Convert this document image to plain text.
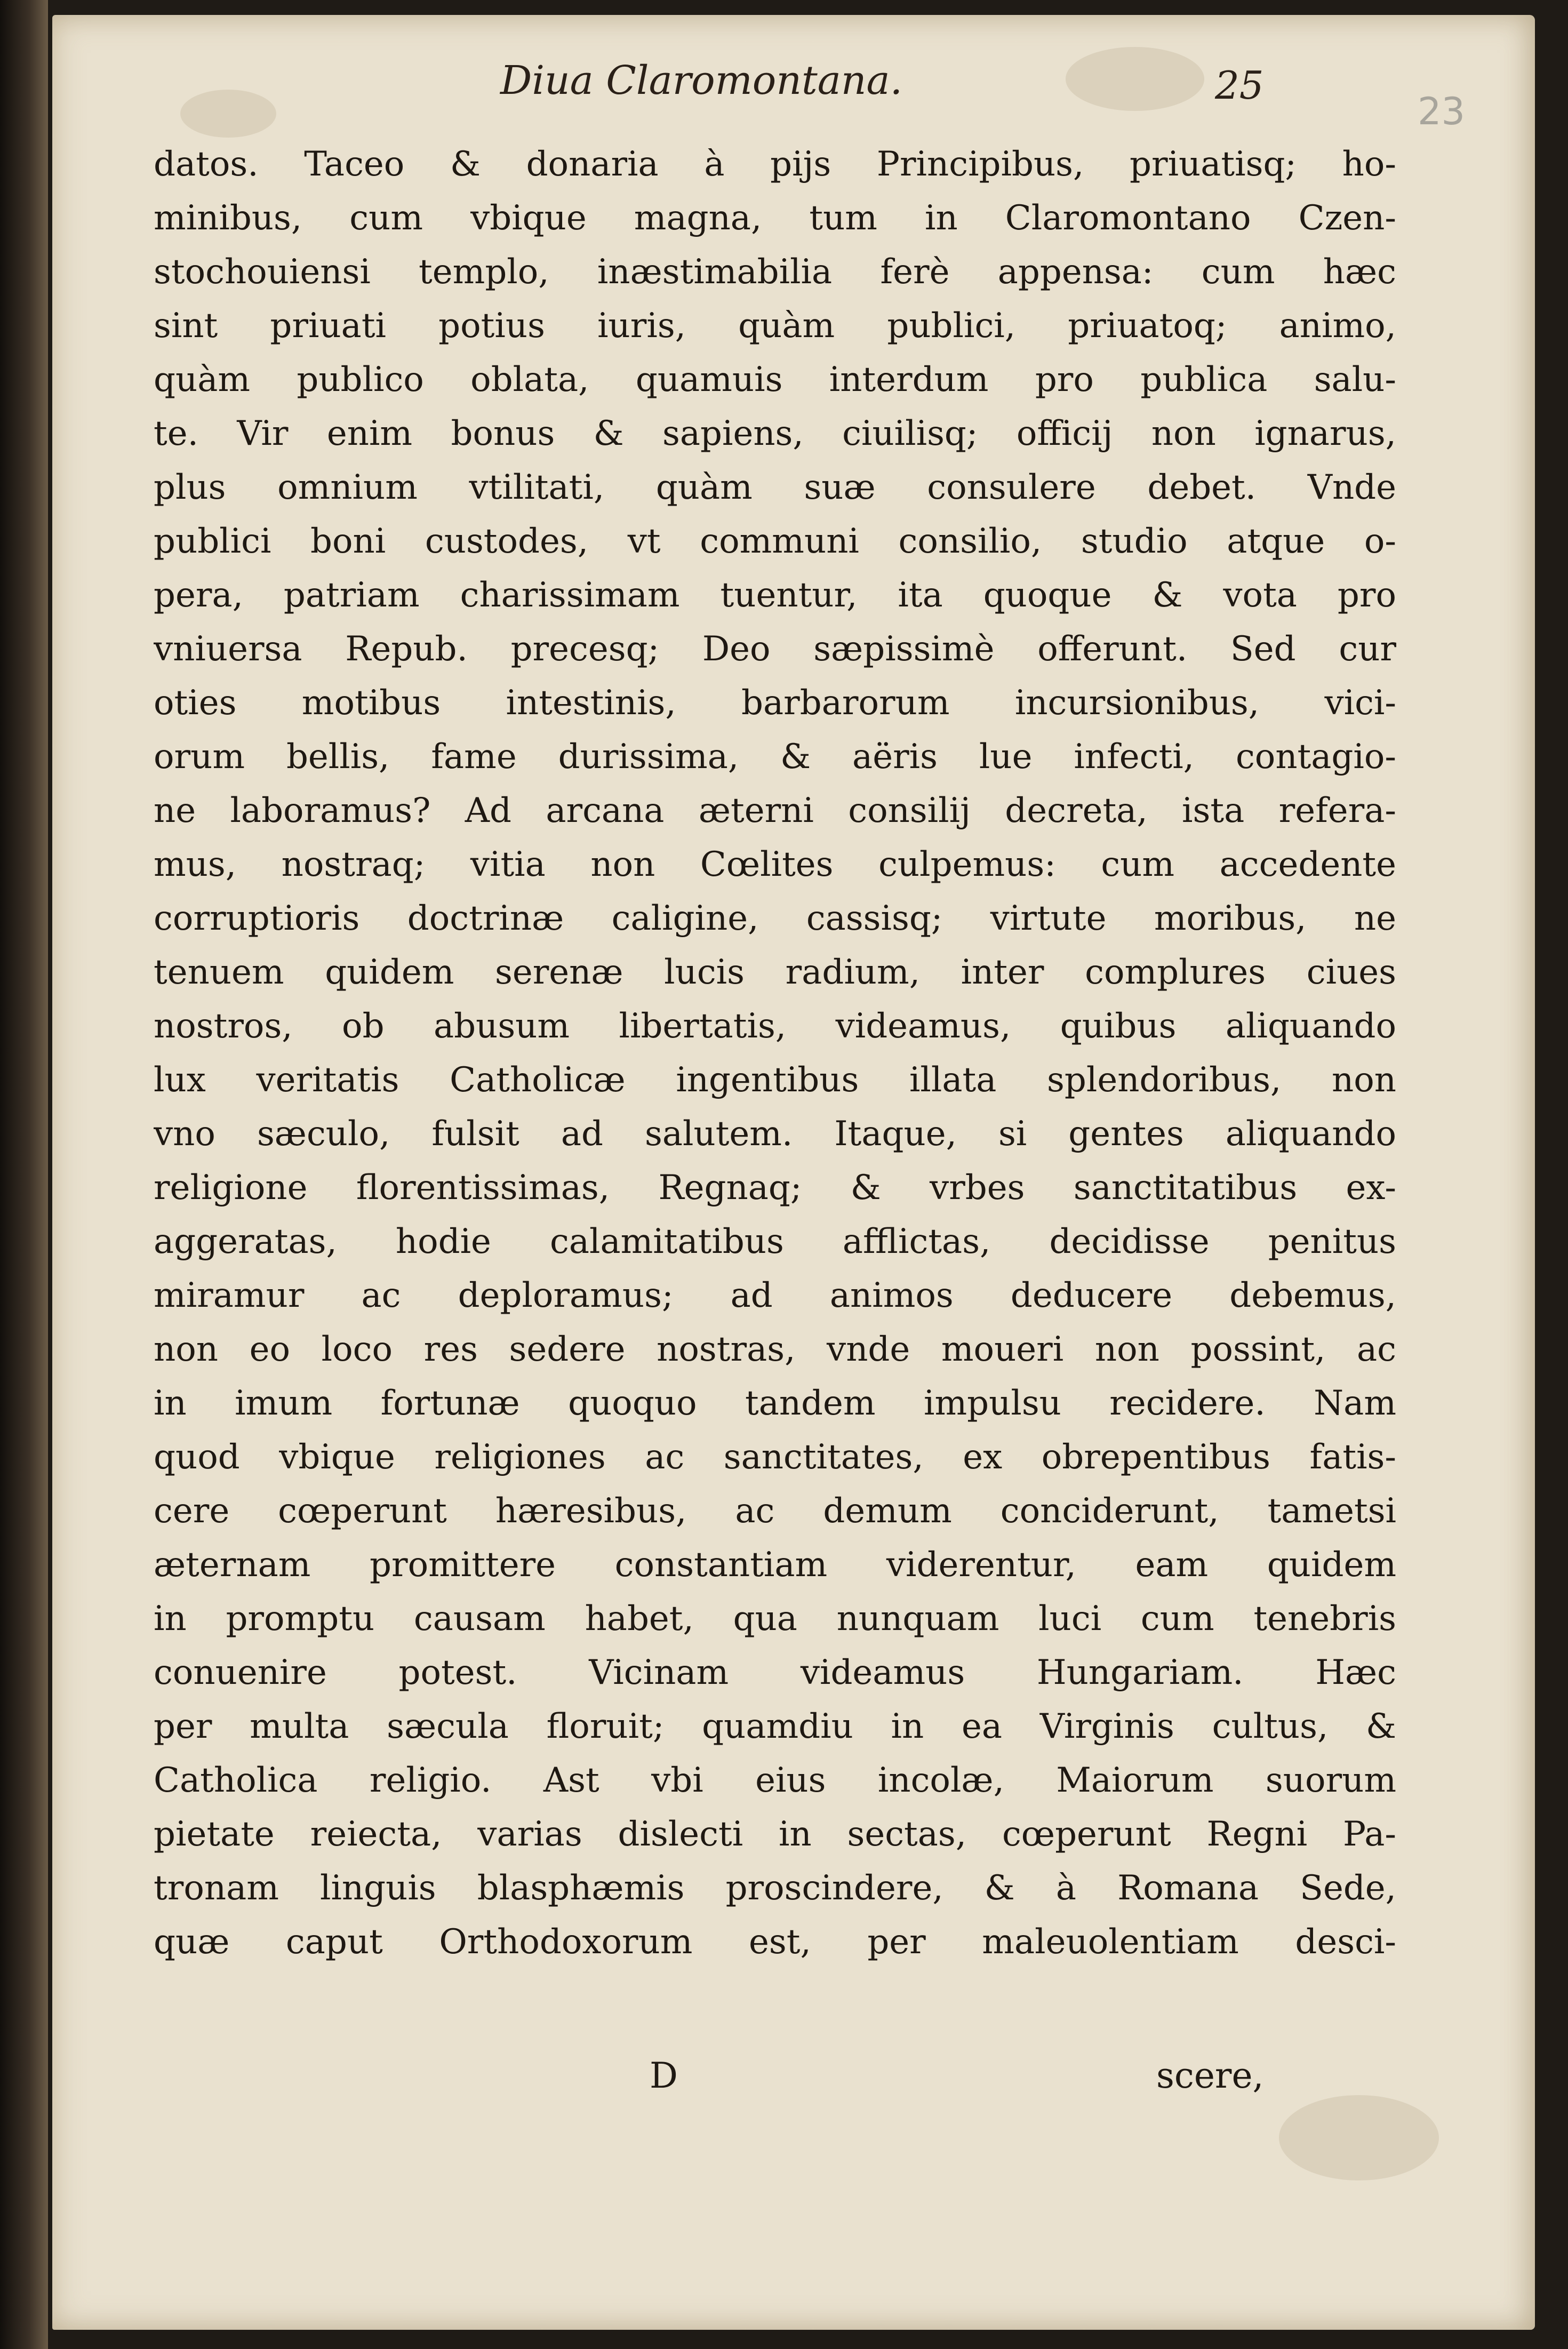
Diua Claromontana.	25
23
datos. Taceo & donaria à pijs Principibus, priuatisq; ho-
minibus, cum vbique magna, tum in Claromontano Czen-
stochouiensi templo, inæstimabilia ferè appensa: cum hæc
sint priuati potius iuris, quàm publici, priuatoq; animo,
quàm publico oblata, quamuis interdum pro publica salu-
te. Vir enim bonus & sapiens, ciuilisq; officij non ignarus,
plus omnium vtilitati, quàm suæ consulere debet. Vnde
publici boni custodes, vt communi consilio, studio atque o-
pera, patriam charissimam tuentur, ita quoque & vota pro
vniuersa Repub. precesq; Deo sæpissimè offerunt. Sed cur
oties motibus intestinis, barbarorum incursionibus, vici-
orum bellis, fame durissima, & aëris lue infecti, contagio-
ne laboramus? Ad arcana æterni consilij decreta, ista refera-
mus, nostraq; vitia non Cœlites culpemus: cum accedente
corruptioris doctrinæ caligine, cassisq; virtute moribus, ne
tenuem quidem serenæ lucis radium, inter complures ciues
nostros, ob abusum libertatis, videamus, quibus aliquando
lux veritatis Catholicæ ingentibus illata splendoribus, non
vno sæculo, fulsit ad salutem. Itaque, si gentes aliquando
religione florentissimas, Regnaq; & vrbes sanctitatibus ex-
aggeratas, hodie calamitatibus afflictas, decidisse penitus
miramur ac deploramus; ad animos deducere debemus,
non eo loco res sedere nostras, vnde moueri non possint, ac
in imum fortunæ quoquo tandem impulsu recidere. Nam
quod vbique religiones ac sanctitates, ex obrepentibus fatis-
cere cœperunt hæresibus, ac demum conciderunt, tametsi
æternam promittere constantiam viderentur, eam quidem
in promptu causam habet, qua nunquam luci cum tenebris
conuenire potest. Vicinam videamus Hungariam. Hæc
per multa sæcula floruit; quamdiu in ea Virginis cultus, &
Catholica religio. Ast vbi eius incolæ, Maiorum suorum
pietate reiecta, varias dislecti in sectas, cœperunt Regni Pa-
tronam linguis blasphæmis proscindere, & à Romana Sede,
quæ caput Orthodoxorum est, per maleuolentiam desci-
D	scere,
